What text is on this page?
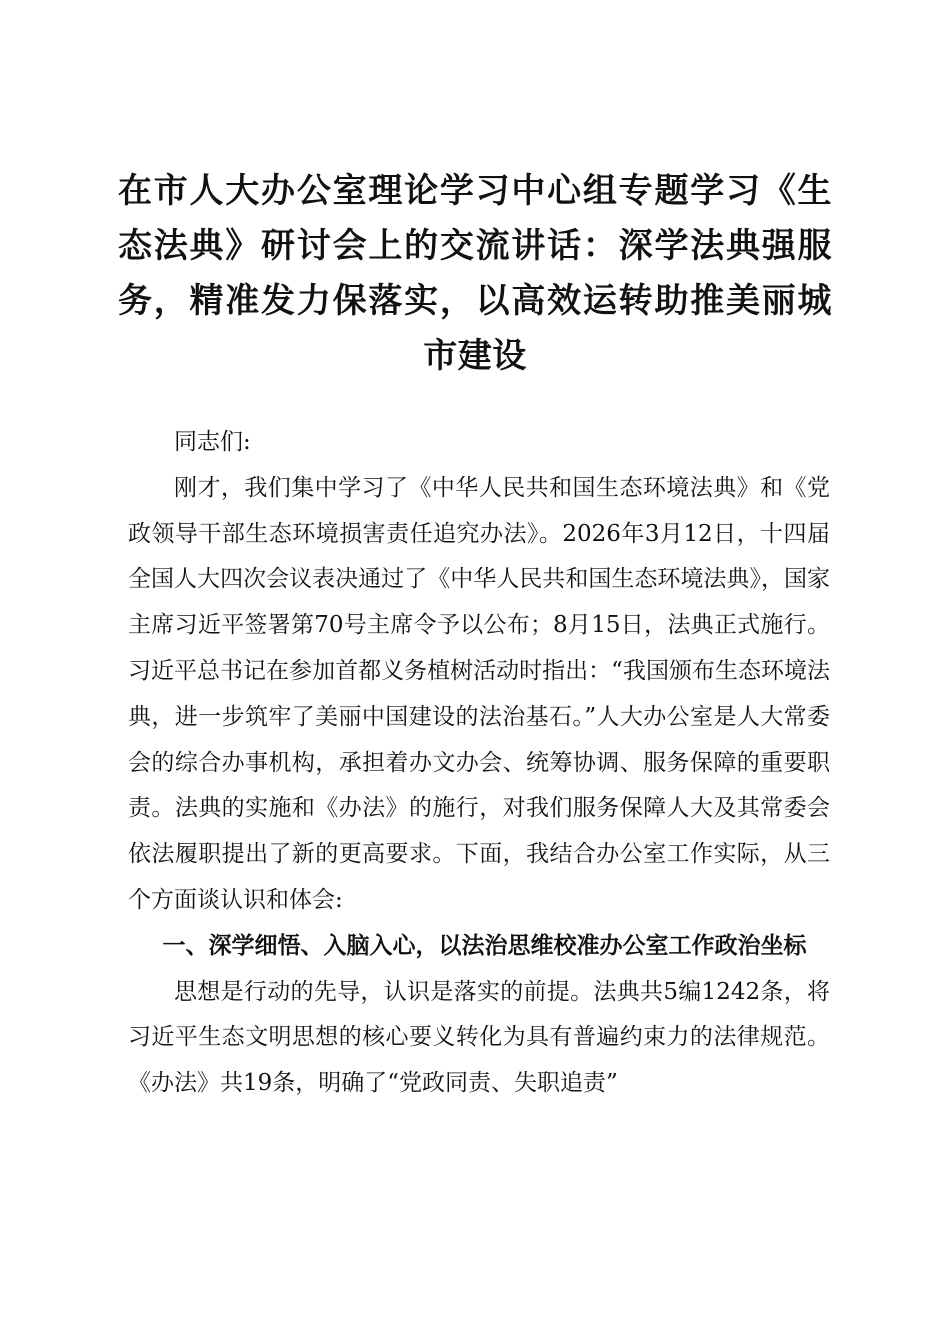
在市人大办公室理论学习中心组专题学习《生态法典》研讨会上的交流讲话：深学法典强服务，精准发力保落实，以高效运转助推美丽城市建设

同志们:

刚才，我们集中学习了《中华人民共和国生态环境法典》和《党政领导干部生态环境损害责任追究办法》。2026年3月12日，十四届全国人大四次会议表决通过了《中华人民共和国生态环境法典》，国家主席习近平签署第70号主席令予以公布；8月15日，法典正式施行。习近平总书记在参加首都义务植树活动时指出：“我国颁布生态环境法典，进一步筑牢了美丽中国建设的法治基石。”人大办公室是人大常委会的综合办事机构，承担着办文办会、统筹协调、服务保障的重要职责。法典的实施和《办法》的施行，对我们服务保障人大及其常委会依法履职提出了新的更高要求。下面，我结合办公室工作实际，从三个方面谈认识和体会:

一、深学细悟、入脑入心，以法治思维校准办公室工作政治坐标

思想是行动的先导，认识是落实的前提。法典共5编1242条，将习近平生态文明思想的核心要义转化为具有普遍约束力的法律规范。《办法》共19条，明确了“党政同责、失职追责”
